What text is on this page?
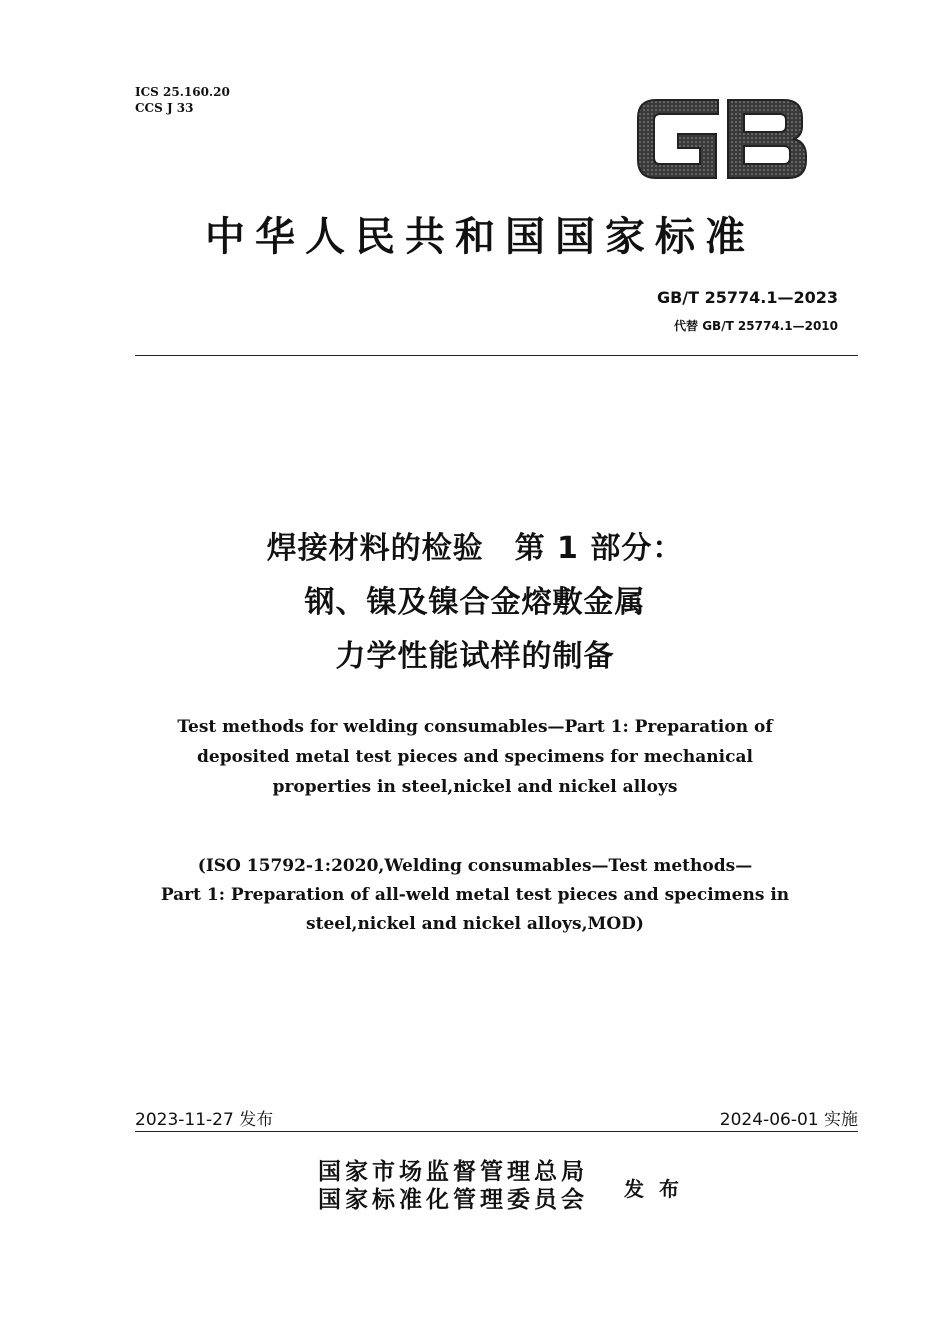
ICS 25.160.20
CCS J 33
中华人民共和国国家标准
GB/T 25774.1—2023
代替 GB/T 25774.1—2010
焊接材料的检验　第 1 部分：
钢、镍及镍合金熔敷金属
力学性能试样的制备
Test methods for welding consumables—Part 1: Preparation of
deposited metal test pieces and specimens for mechanical
properties in steel,nickel and nickel alloys
(ISO 15792-1:2020,Welding consumables—Test methods—
Part 1: Preparation of all-weld metal test pieces and specimens in
steel,nickel and nickel alloys,MOD)
2023-11-27 发布	2024-06-01 实施
国家市场监督管理总局
国家标准化管理委员会 发 布
